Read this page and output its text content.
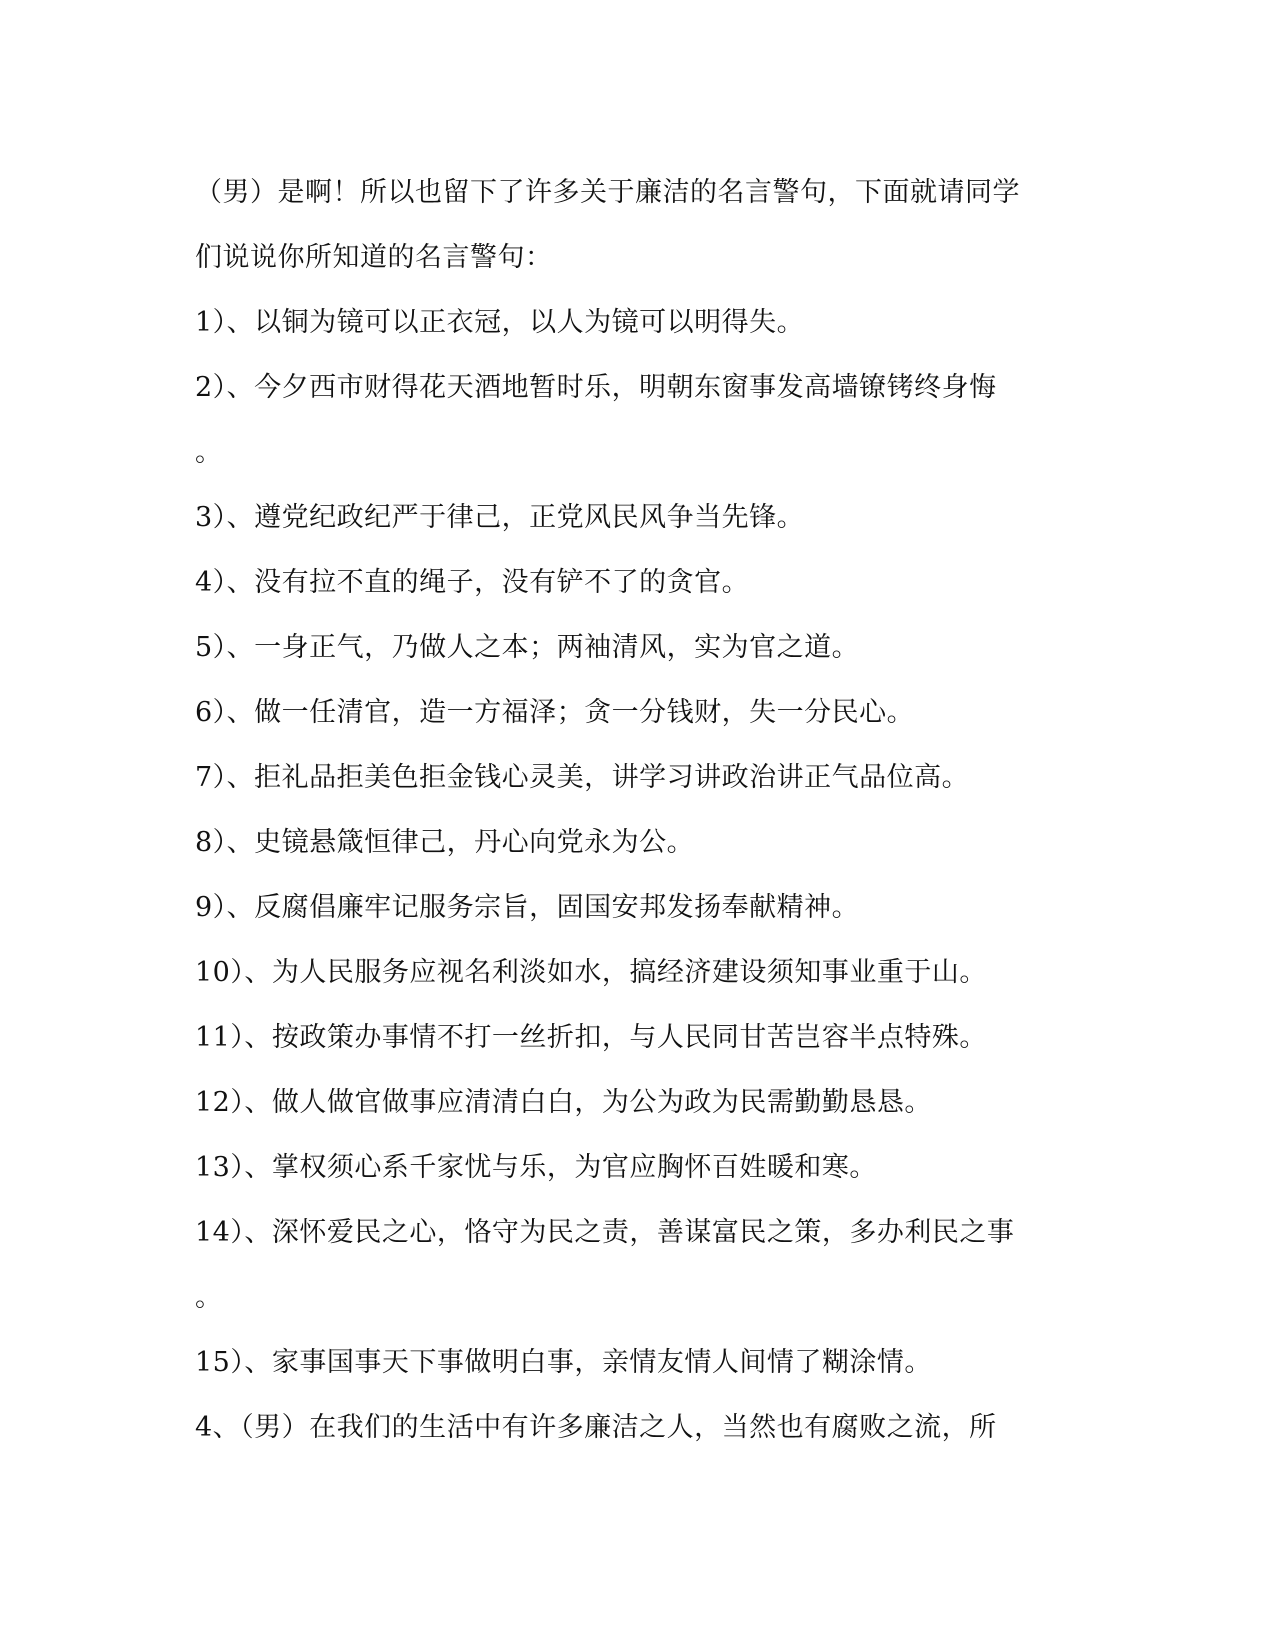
（男）是啊！所以也留下了许多关于廉洁的名言警句，下面就请同学
们说说你所知道的名言警句：
1）、以铜为镜可以正衣冠，以人为镜可以明得失。
2）、今夕西市财得花天酒地暂时乐，明朝东窗事发高墙镣铐终身悔
。
3）、遵党纪政纪严于律己，正党风民风争当先锋。
4）、没有拉不直的绳子，没有铲不了的贪官。
5）、一身正气，乃做人之本；两袖清风，实为官之道。
6）、做一任清官，造一方福泽；贪一分钱财，失一分民心。
7）、拒礼品拒美色拒金钱心灵美，讲学习讲政治讲正气品位高。
8）、史镜悬箴恒律己，丹心向党永为公。
9）、反腐倡廉牢记服务宗旨，固国安邦发扬奉献精神。
10）、为人民服务应视名利淡如水，搞经济建设须知事业重于山。
11）、按政策办事情不打一丝折扣，与人民同甘苦岂容半点特殊。
12）、做人做官做事应清清白白，为公为政为民需勤勤恳恳。
13）、掌权须心系千家忧与乐，为官应胸怀百姓暖和寒。
14）、深怀爱民之心，恪守为民之责，善谋富民之策，多办利民之事
。
15）、家事国事天下事做明白事，亲情友情人间情了糊涂情。
4、（男）在我们的生活中有许多廉洁之人，当然也有腐败之流，所
